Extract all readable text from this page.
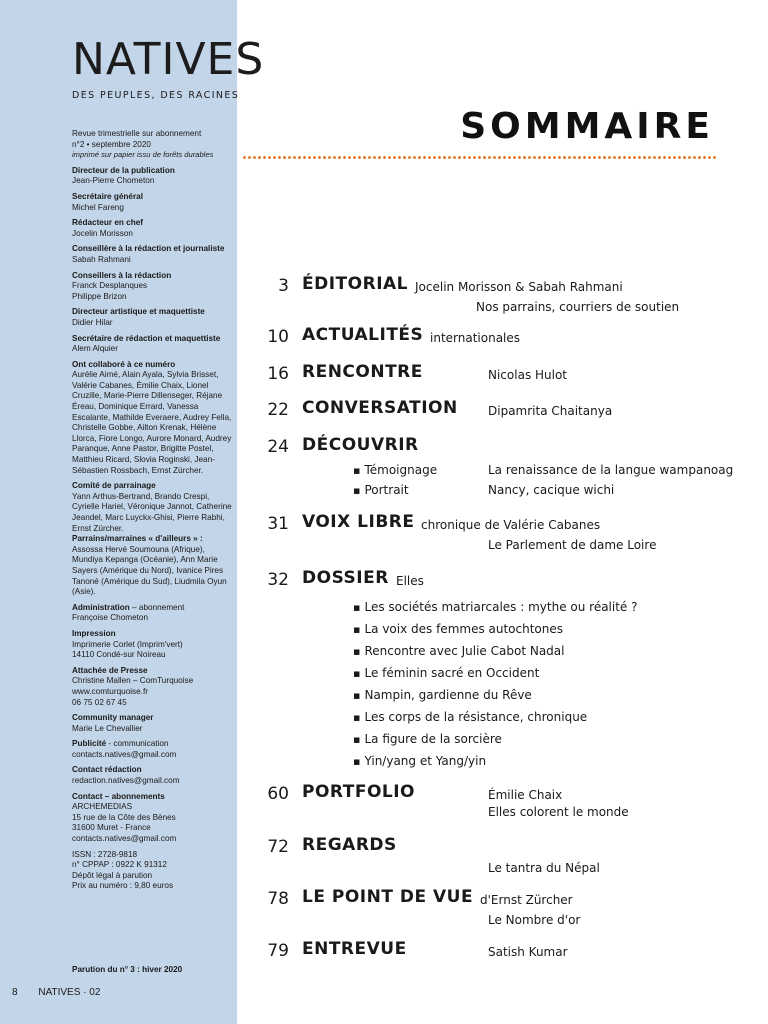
NATIVES
DES PEUPLES, DES RACINES
Revue trimestrielle sur abonnement
n°2 • septembre 2020
imprimé sur papier issu de forêts durables
Directeur de la publication
Jean-Pierre Chometon
Secrétaire général
Michel Fareng
Rédacteur en chef
Jocelin Morisson
Conseillère à la rédaction et journaliste
Sabah Rahmani
Conseillers à la rédaction
Franck Desplanques
Philippe Brizon
Directeur artistique et maquettiste
Didier Hilar
Secrétaire de rédaction et maquettiste
Alem Alquier
Ont collaboré à ce numéro
Aurélie Aimé, Alain Ayala, Sylvia Brisset, Valérie Cabanes, Émilie Chaix, Lionel Cruzille, Marie-Pierre Dillenseger, Réjane Éreau, Dominique Errard, Vanessa Escalante, Mathilde Everaere, Audrey Fella, Christelle Gobbe, Ailton Krenak, Hélène Llorca, Fiore Longo, Aurore Monard, Audrey Paranque, Anne Pastor, Brigitte Postel, Matthieu Ricard, Slovia Roginski, Jean-Sébastien Rossbach, Ernst Zürcher.
Comité de parrainage
Yann Arthus-Bertrand, Brando Crespi, Cyrielle Hariel, Véronique Jannot, Catherine Jeandel, Marc Luyckx-Ghisi, Pierre Rabhi, Ernst Zürcher.
Parrains/marraines « d'ailleurs » :
Assossa Hervé Soumouna (Afrique), Mundiya Kepanga (Océanie), Ann Marie Sayers (Amérique du Nord), Ivanice Pires Tanoné (Amérique du Sud), Liudmila Oyun (Asie).
Administration – abonnement
Françoise Chometon
Impression
Imprimerie Corlet (Imprim'vert)
14110 Condé-sur Noireau
Attachée de Presse
Christine Mallen – ComTurquoise
www.comturquoise.fr
06 75 02 67 45
Community manager
Marie Le Chevallier
Publicité - communication
contacts.natives@gmail.com
Contact rédaction
redaction.natives@gmail.com
Contact – abonnements
ARCHEMEDIAS
15 rue de la Côte des Bènes
31600 Muret - France
contacts.natives@gmail.com
ISSN : 2728-9818
n° CPPAP : 0922 K 91312
Dépôt légal à parution
Prix au numéro : 9,80 euros
Parution du n° 3 : hiver 2020
8 NATIVES · 02
SOMMAIRE
3 ÉDITORIAL Jocelin Morisson & Sabah Rahmani
Nos parrains, courriers de soutien
10 ACTUALITÉS internationales
16 RENCONTRE	Nicolas Hulot
22 CONVERSATION	Dipamrita Chaitanya
24 DÉCOUVRIR
▪ Témoignage	La renaissance de la langue wampanoag
▪ Portrait	Nancy, cacique wichi
31 VOIX LIBRE chronique de Valérie Cabanes
Le Parlement de dame Loire
32 DOSSIER Elles
▪ Les sociétés matriarcales : mythe ou réalité ?
▪ La voix des femmes autochtones
▪ Rencontre avec Julie Cabot Nadal
▪ Le féminin sacré en Occident
▪ Nampin, gardienne du Rêve
▪ Les corps de la résistance, chronique
▪ La figure de la sorcière
▪ Yin/yang et Yang/yin
60 PORTFOLIO	Émilie Chaix
Elles colorent le monde
72 REGARDS
Le tantra du Népal
78 LE POINT DE VUE d'Ernst Zürcher
Le Nombre d'or
79 ENTREVUE	Satish Kumar
